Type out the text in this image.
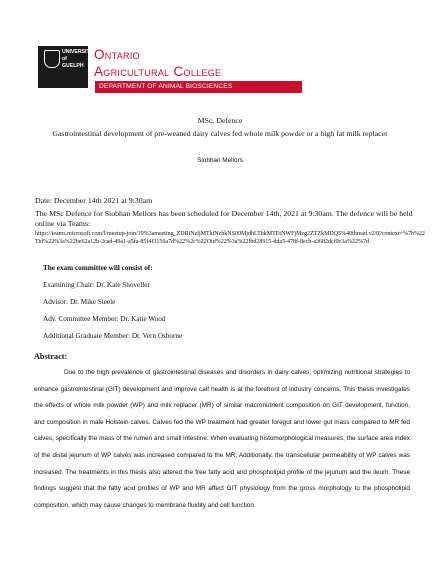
UNIVERSITY of GUELPH
Ontario
Agricultural College
DEPARTMENT OF ANIMAL BIOSCIENCES
MSc. Defence
Gastrointestinal development of pre-weaned dairy calves fed whole milk powder or a high fat milk replacer
Siobhan Mellors
Date: December 14th 2021 at 9:30am
The MSc Defence for Siobhan Mellors has been scheduled for December 14th, 2021 at 9:30am. The defence will be held online via Teams:
https://teams.microsoft.com/l/meetup-join/19%3ameeting_ZDRiNzljMTktNzhkNS00MjdhLThkMTEtNWFjMzg2ZTZkMDQ5%40thread.v2/0?context=%7b%22Tid%22%3a%22be62a12b-2cad-49a1-a5fa-85f4f3156a7d%22%2c%22Oid%22%3a%22fbd28915-dda5-478f-8ecb-a3682dcf0c3a%22%7d
The exam committee will consist of:
Examining Chair: Dr. Kate Shoveller
Advisor: Dr. Mike Steele
Adv. Committee Member: Dr. Katie Wood
Additional Graduate Member: Dr. Vern Osborne
Abstract:

Due to the high prevalence of gastrointestinal diseases and disorders in dairy calves, optimizing nutritional strategies to enhance gastrointestinal (GIT) development and improve calf health is at the forefront of industry concerns. This thesis investigates the effects of whole milk powder (WP) and milk replacer (MR) of similar macronutrient composition on GIT development, function, and composition in male Holstein calves. Calves fed the WP treatment had greater foregut and lower gut mass compared to MR fed calves, specifically the mass of the rumen and small intestine. When evaluating histomorphological measures, the surface area index of the distal jejunum of WP calves was increased compared to the MR. Additionally, the transcellular permeability of WP calves was increased. The treatments in this thesis also altered the free fatty acid and phospholipid profile of the jejunum and the ileum. These findings suggest that the fatty acid profiles of WP and MR affect GIT physiology from the gross morphology to the phospholipid composition, which may cause changes to membrane fluidity and cell function.
